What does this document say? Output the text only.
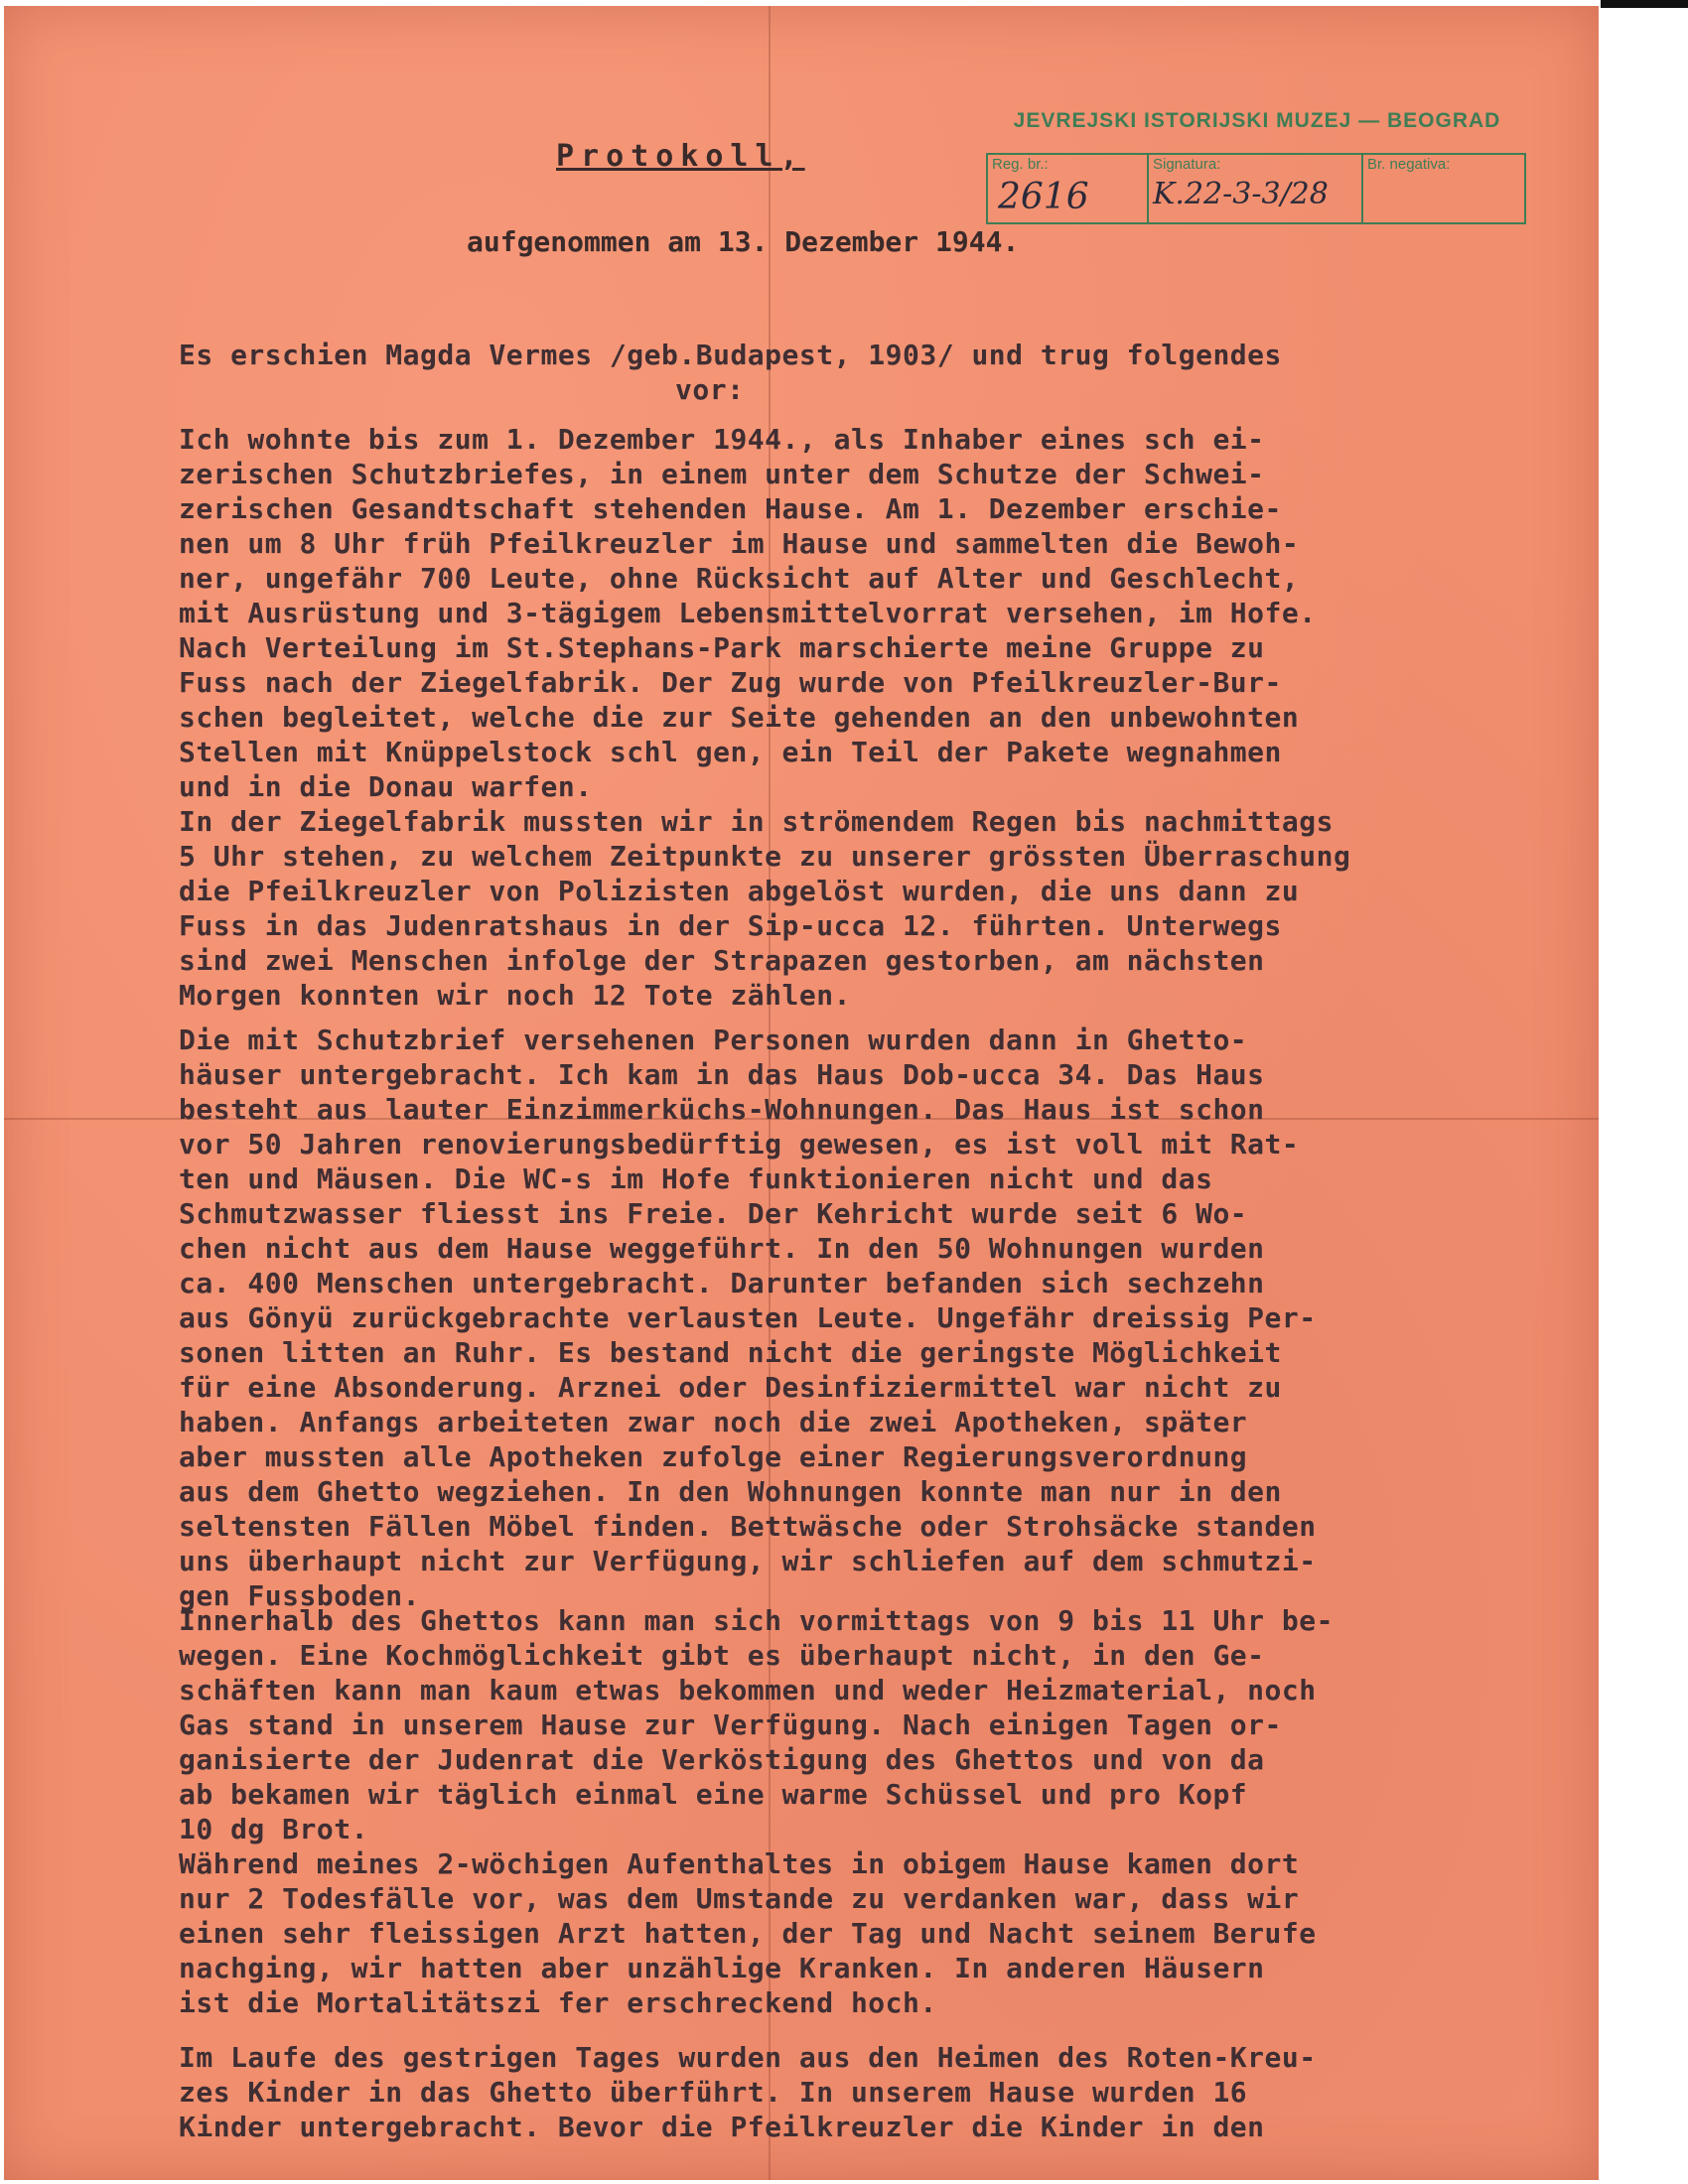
JEVREJSKI ISTORIJSKI MUZEJ — BEOGRAD
Reg. br.:
2616
Signatura:
K.22-3-3/28
Br. negativa:
Protokoll,
aufgenommen am 13. Dezember 1944.
Es erschien Magda Vermes /geb.Budapest, 1903/ und trug folgendes
vor:
Ich wohnte bis zum 1. Dezember 1944., als Inhaber eines sch ei-
zerischen Schutzbriefes, in einem unter dem Schutze der Schwei-
zerischen Gesandtschaft stehenden Hause. Am 1. Dezember erschie-
nen um 8 Uhr früh Pfeilkreuzler im Hause und sammelten die Bewoh-
ner, ungefähr 700 Leute, ohne Rücksicht auf Alter und Geschlecht,
mit Ausrüstung und 3-tägigem Lebensmittelvorrat versehen, im Hofe.
Nach Verteilung im St.Stephans-Park marschierte meine Gruppe zu
Fuss nach der Ziegelfabrik. Der Zug wurde von Pfeilkreuzler-Bur-
schen begleitet, welche die zur Seite gehenden an den unbewohnten
Stellen mit Knüppelstock schl gen, ein Teil der Pakete wegnahmen
und in die Donau warfen.
In der Ziegelfabrik mussten wir in strömendem Regen bis nachmittags
5 Uhr stehen, zu welchem Zeitpunkte zu unserer grössten Überraschung
die Pfeilkreuzler von Polizisten abgelöst wurden, die uns dann zu
Fuss in das Judenratshaus in der Sip-ucca 12. führten. Unterwegs
sind zwei Menschen infolge der Strapazen gestorben, am nächsten
Morgen konnten wir noch 12 Tote zählen.
Die mit Schutzbrief versehenen Personen wurden dann in Ghetto-
häuser untergebracht. Ich kam in das Haus Dob-ucca 34. Das Haus
besteht aus lauter Einzimmerküchs-Wohnungen. Das Haus ist schon
vor 50 Jahren renovierungsbedürftig gewesen, es ist voll mit Rat-
ten und Mäusen. Die WC-s im Hofe funktionieren nicht und das
Schmutzwasser fliesst ins Freie. Der Kehricht wurde seit 6 Wo-
chen nicht aus dem Hause weggeführt. In den 50 Wohnungen wurden
ca. 400 Menschen untergebracht. Darunter befanden sich sechzehn
aus Gönyü zurückgebrachte verlausten Leute. Ungefähr dreissig Per-
sonen litten an Ruhr. Es bestand nicht die geringste Möglichkeit
für eine Absonderung. Arznei oder Desinfiziermittel war nicht zu
haben. Anfangs arbeiteten zwar noch die zwei Apotheken, später
aber mussten alle Apotheken zufolge einer Regierungsverordnung
aus dem Ghetto wegziehen. In den Wohnungen konnte man nur in den
seltensten Fällen Möbel finden. Bettwäsche oder Strohsäcke standen
uns überhaupt nicht zur Verfügung, wir schliefen auf dem schmutzi-
gen Fussboden.
Innerhalb des Ghettos kann man sich vormittags von 9 bis 11 Uhr be-
wegen. Eine Kochmöglichkeit gibt es überhaupt nicht, in den Ge-
schäften kann man kaum etwas bekommen und weder Heizmaterial, noch
Gas stand in unserem Hause zur Verfügung. Nach einigen Tagen or-
ganisierte der Judenrat die Verköstigung des Ghettos und von da
ab bekamen wir täglich einmal eine warme Schüssel und pro Kopf
10 dg Brot.
Während meines 2-wöchigen Aufenthaltes in obigem Hause kamen dort
nur 2 Todesfälle vor, was dem Umstande zu verdanken war, dass wir
einen sehr fleissigen Arzt hatten, der Tag und Nacht seinem Berufe
nachging, wir hatten aber unzählige Kranken. In anderen Häusern
ist die Mortalitätszi fer erschreckend hoch.
Im Laufe des gestrigen Tages wurden aus den Heimen des Roten-Kreu-
zes Kinder in das Ghetto überführt. In unserem Hause wurden 16
Kinder untergebracht. Bevor die Pfeilkreuzler die Kinder in den
